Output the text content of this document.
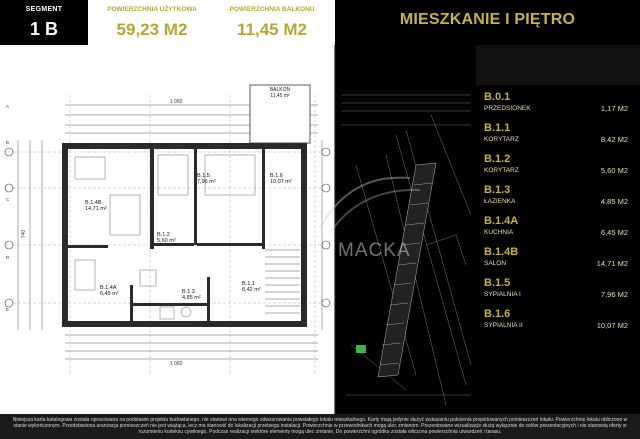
SEGMENT
1 B
POWIERZCHNIA UŻYTKOWA
59,23 M2
POWIERZCHNIA BALKONU
11,45 M2
MIESZKANIE I PIĘTRO
BALKON
11,45 m²
1 082
1 082
740
B.1.4B
14,71 m²
B.1.5
7,96 m²
B.1.6
10,07 m²
B.1.2
5,60 m²
B.1.4A
6,45 m²	B.1.3
4,85 m²
B.1.1
8,42 m²
A
B
C
D
E
MACKA
B.0.1
PRZEDSIONEK	1,17 M2
B.1.1
KORYTARZ	8,42 M2
B.1.2
KORYTARZ	5,60 M2
B.1.3
ŁAZIENKA	4,85 M2
B.1.4A
KUCHNIA	6,45 M2
B.1.4B
SALON	14,71 M2
B.1.5
SYPIALNIA I	7,96 M2
B.1.6
SYPIALNIA II	10,07 M2
Niniejsza karta katalogowa została opracowana na podstawie projektu budowlanego, nie stanowi ona wiernego odwzorowania powstałego lokalu mieszkalnego. Karty mają jedynie służyć wskazaniu położenia projektowanych pomieszczeń lokalu. Powierzchnię lokalu obliczono w stanie wykończonym. Przedstawiona aranżacja pomieszczeń nie jest wiążąca, lecz ma stanowić do lokalizacji przebiegu instalacji. Powierzchnie w przewodnikach mogą ulec zmianom. Prezentowane wizualizacje służą wyłącznie do celów prezentacyjnych i nie stanowią oferty w rozumieniu kodeksu cywilnego. Podczas realizacji niektóre elementy mogą ulec zmianie. Do powierzchni ogródka została wliczona powierzchnia utwardzeń i tarasu.
